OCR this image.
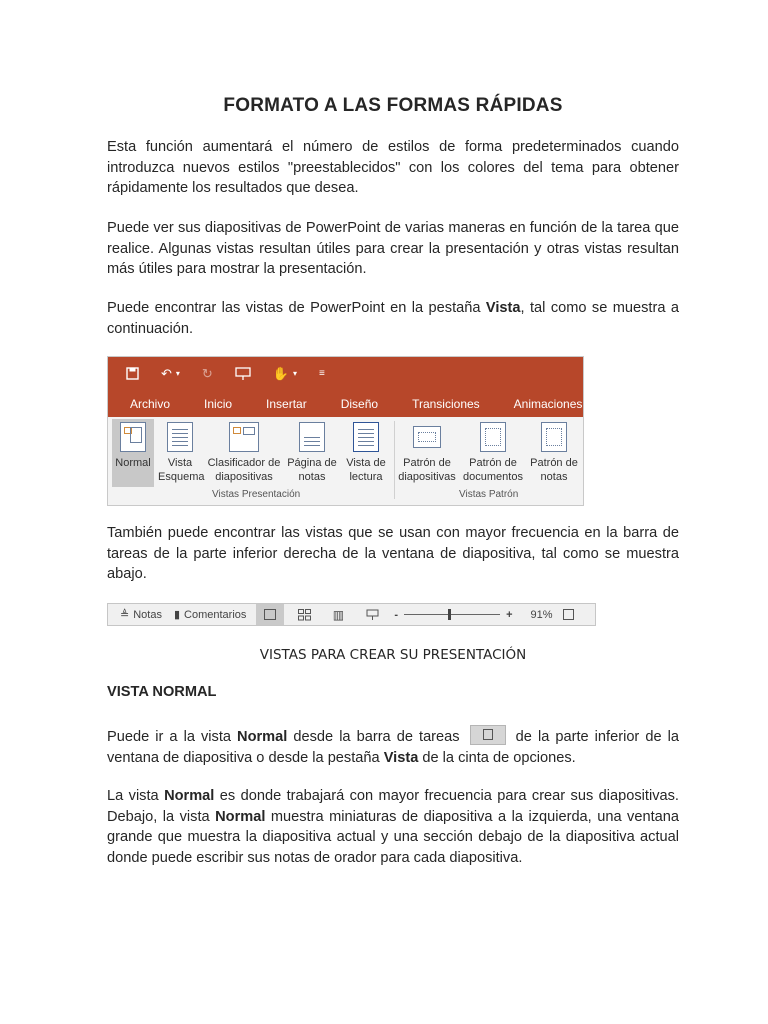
FORMATO A LAS FORMAS RÁPIDAS

Esta función aumentará el número de estilos de forma predeterminados cuando introduzca nuevos estilos "preestablecidos" con los colores del tema para obtener rápidamente los resultados que desea.

Puede ver sus diapositivas de PowerPoint de varias maneras en función de la tarea que realice. Algunas vistas resultan útiles para crear la presentación y otras vistas resultan más útiles para mostrar la presentación.

Puede encontrar las vistas de PowerPoint en la pestaña Vista, tal como se muestra a continuación.

También puede encontrar las vistas que se usan con mayor frecuencia en la barra de tareas de la parte inferior derecha de la ventana de diapositiva, tal como se muestra abajo.

VISTAS PARA CREAR SU PRESENTACIÓN
VISTA NORMAL

Puede ir a la vista Normal desde la barra de tareas	de la parte inferior de la ventana de diapositiva o desde la pestaña Vista de la cinta de opciones.

La vista Normal es donde trabajará con mayor frecuencia para crear sus diapositivas. Debajo, la vista Normal muestra miniaturas de diapositiva a la izquierda, una ventana grande que muestra la diapositiva actual y una sección debajo de la diapositiva actual donde puede escribir sus notas de orador para cada diapositiva.

↶ ▾ ↻	✋ ▾ ≡
Archivo	Inicio	Insertar	Diseño	Transiciones	Animaciones
Normal	Vista
Esquema
Clasificador de
diapositivas
Página de
notas
Vista de
lectura
Patrón de
diapositivas
Patrón de
documentos
Patrón de
notas
Vistas Presentación	Vistas Patrón
≜ Notas ▮ Comentarios	▥	-	+ 91%
